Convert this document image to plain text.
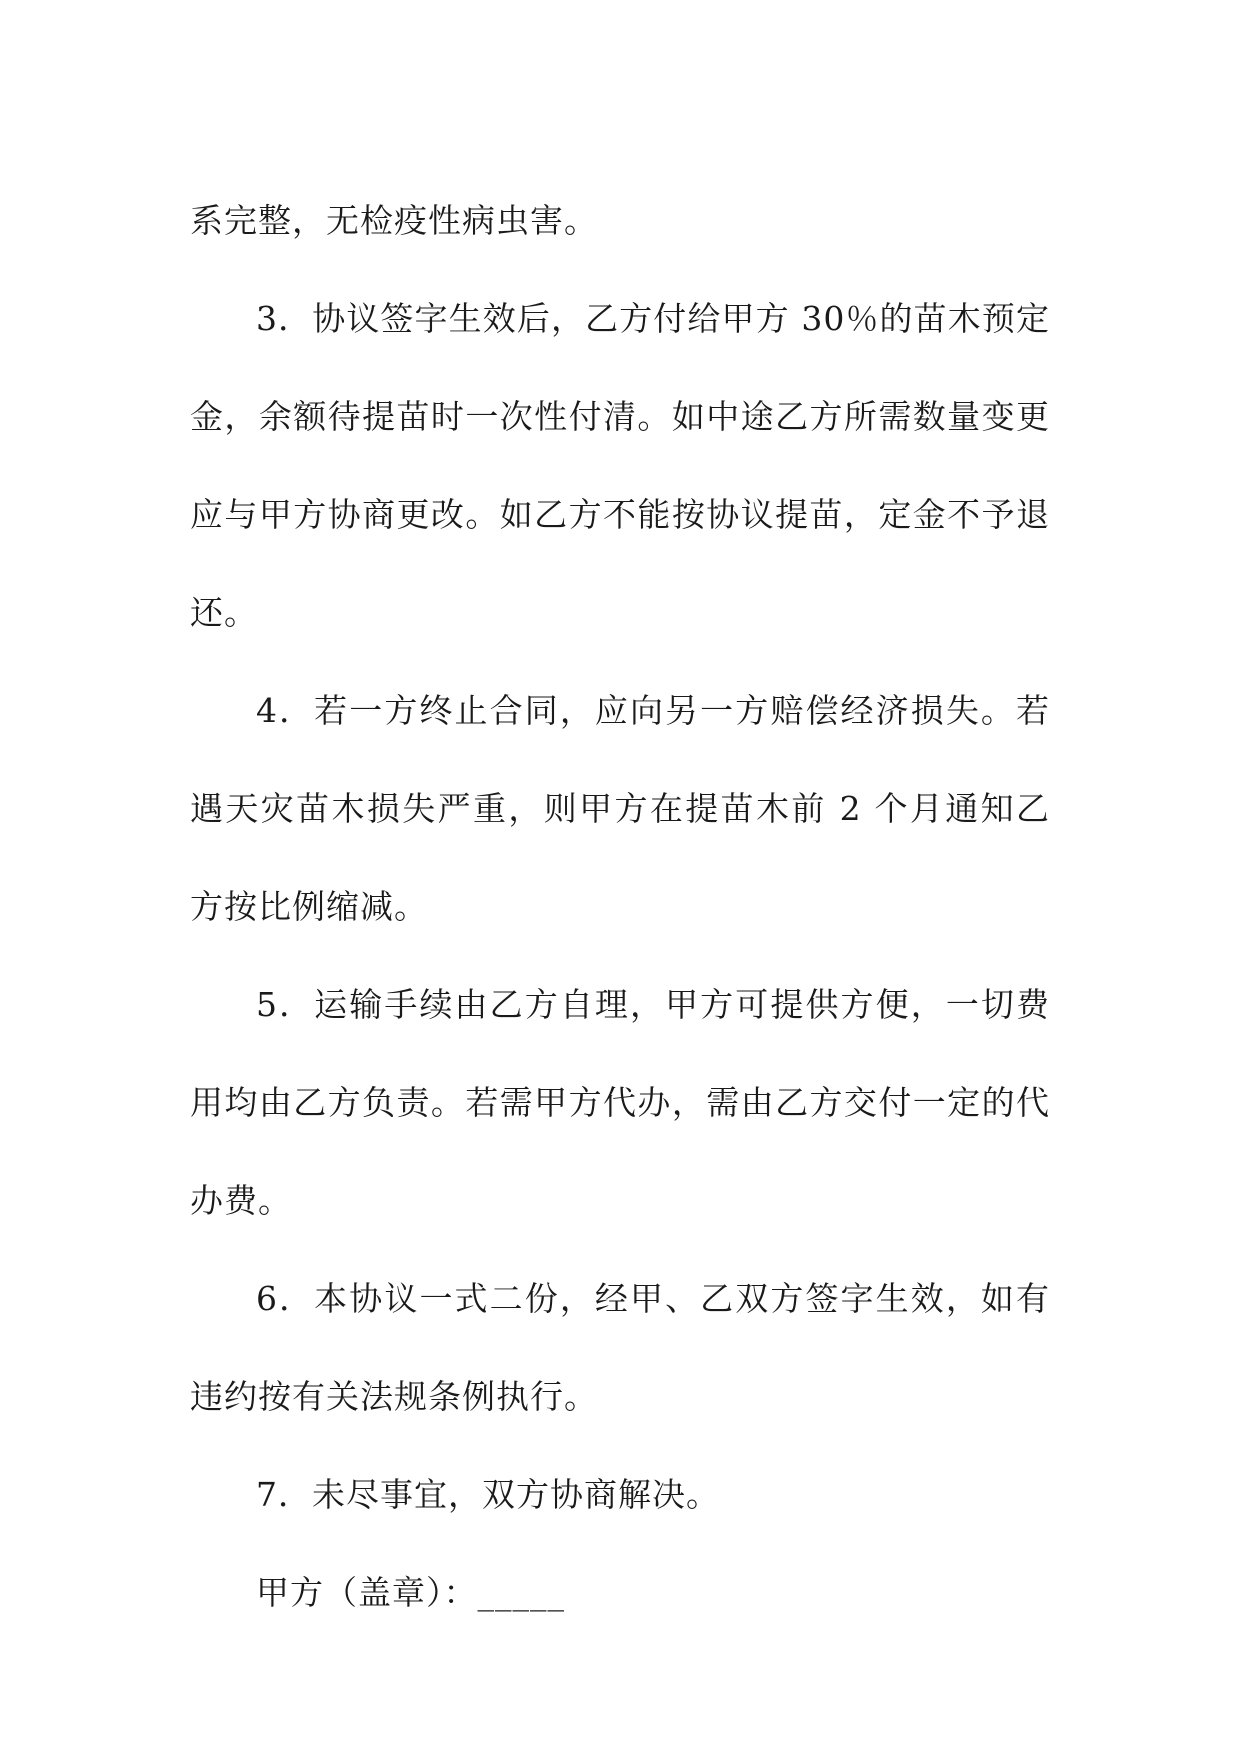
系完整，无检疫性病虫害。

3．协议签字生效后，乙方付给甲方 30％的苗木预定金，余额待提苗时一次性付清。如中途乙方所需数量变更应与甲方协商更改。如乙方不能按协议提苗，定金不予退还。

4．若一方终止合同，应向另一方赔偿经济损失。若遇天灾苗木损失严重，则甲方在提苗木前 2 个月通知乙方按比例缩减。

5．运输手续由乙方自理，甲方可提供方便，一切费用均由乙方负责。若需甲方代办，需由乙方交付一定的代办费。

6．本协议一式二份，经甲、乙双方签字生效，如有违约按有关法规条例执行。

7．未尽事宜，双方协商解决。

甲方（盖章）：_____
